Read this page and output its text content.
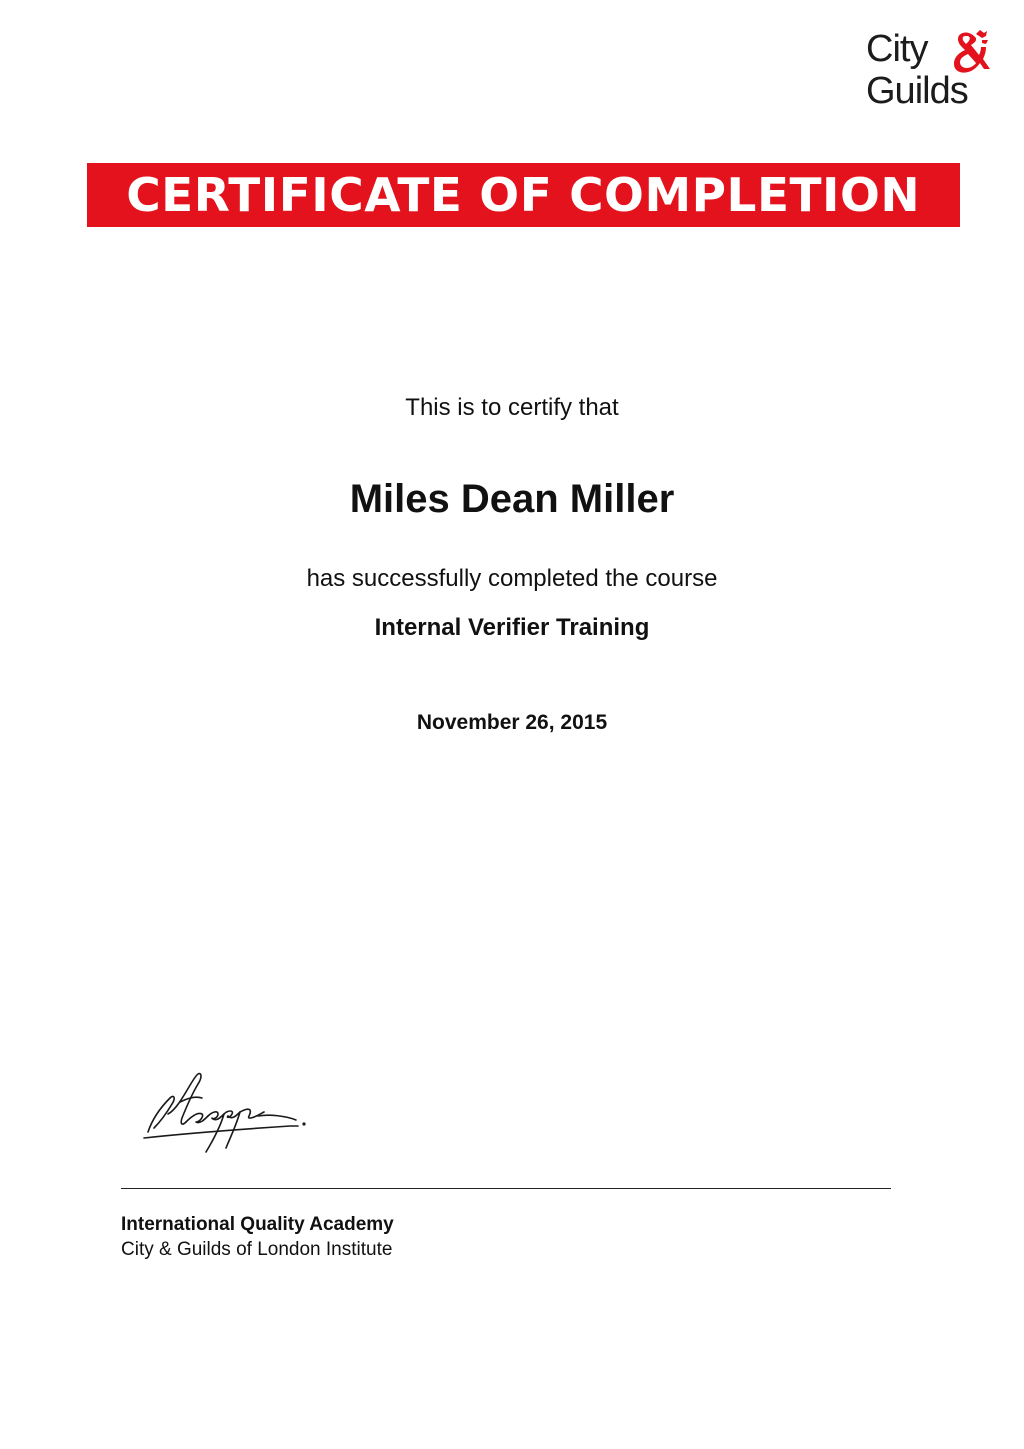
City
Guilds
CERTIFICATE OF COMPLETION

This is to certify that

Miles Dean Miller

has successfully completed the course

Internal Verifier Training

November 26, 2015

International Quality Academy

City & Guilds of London Institute
